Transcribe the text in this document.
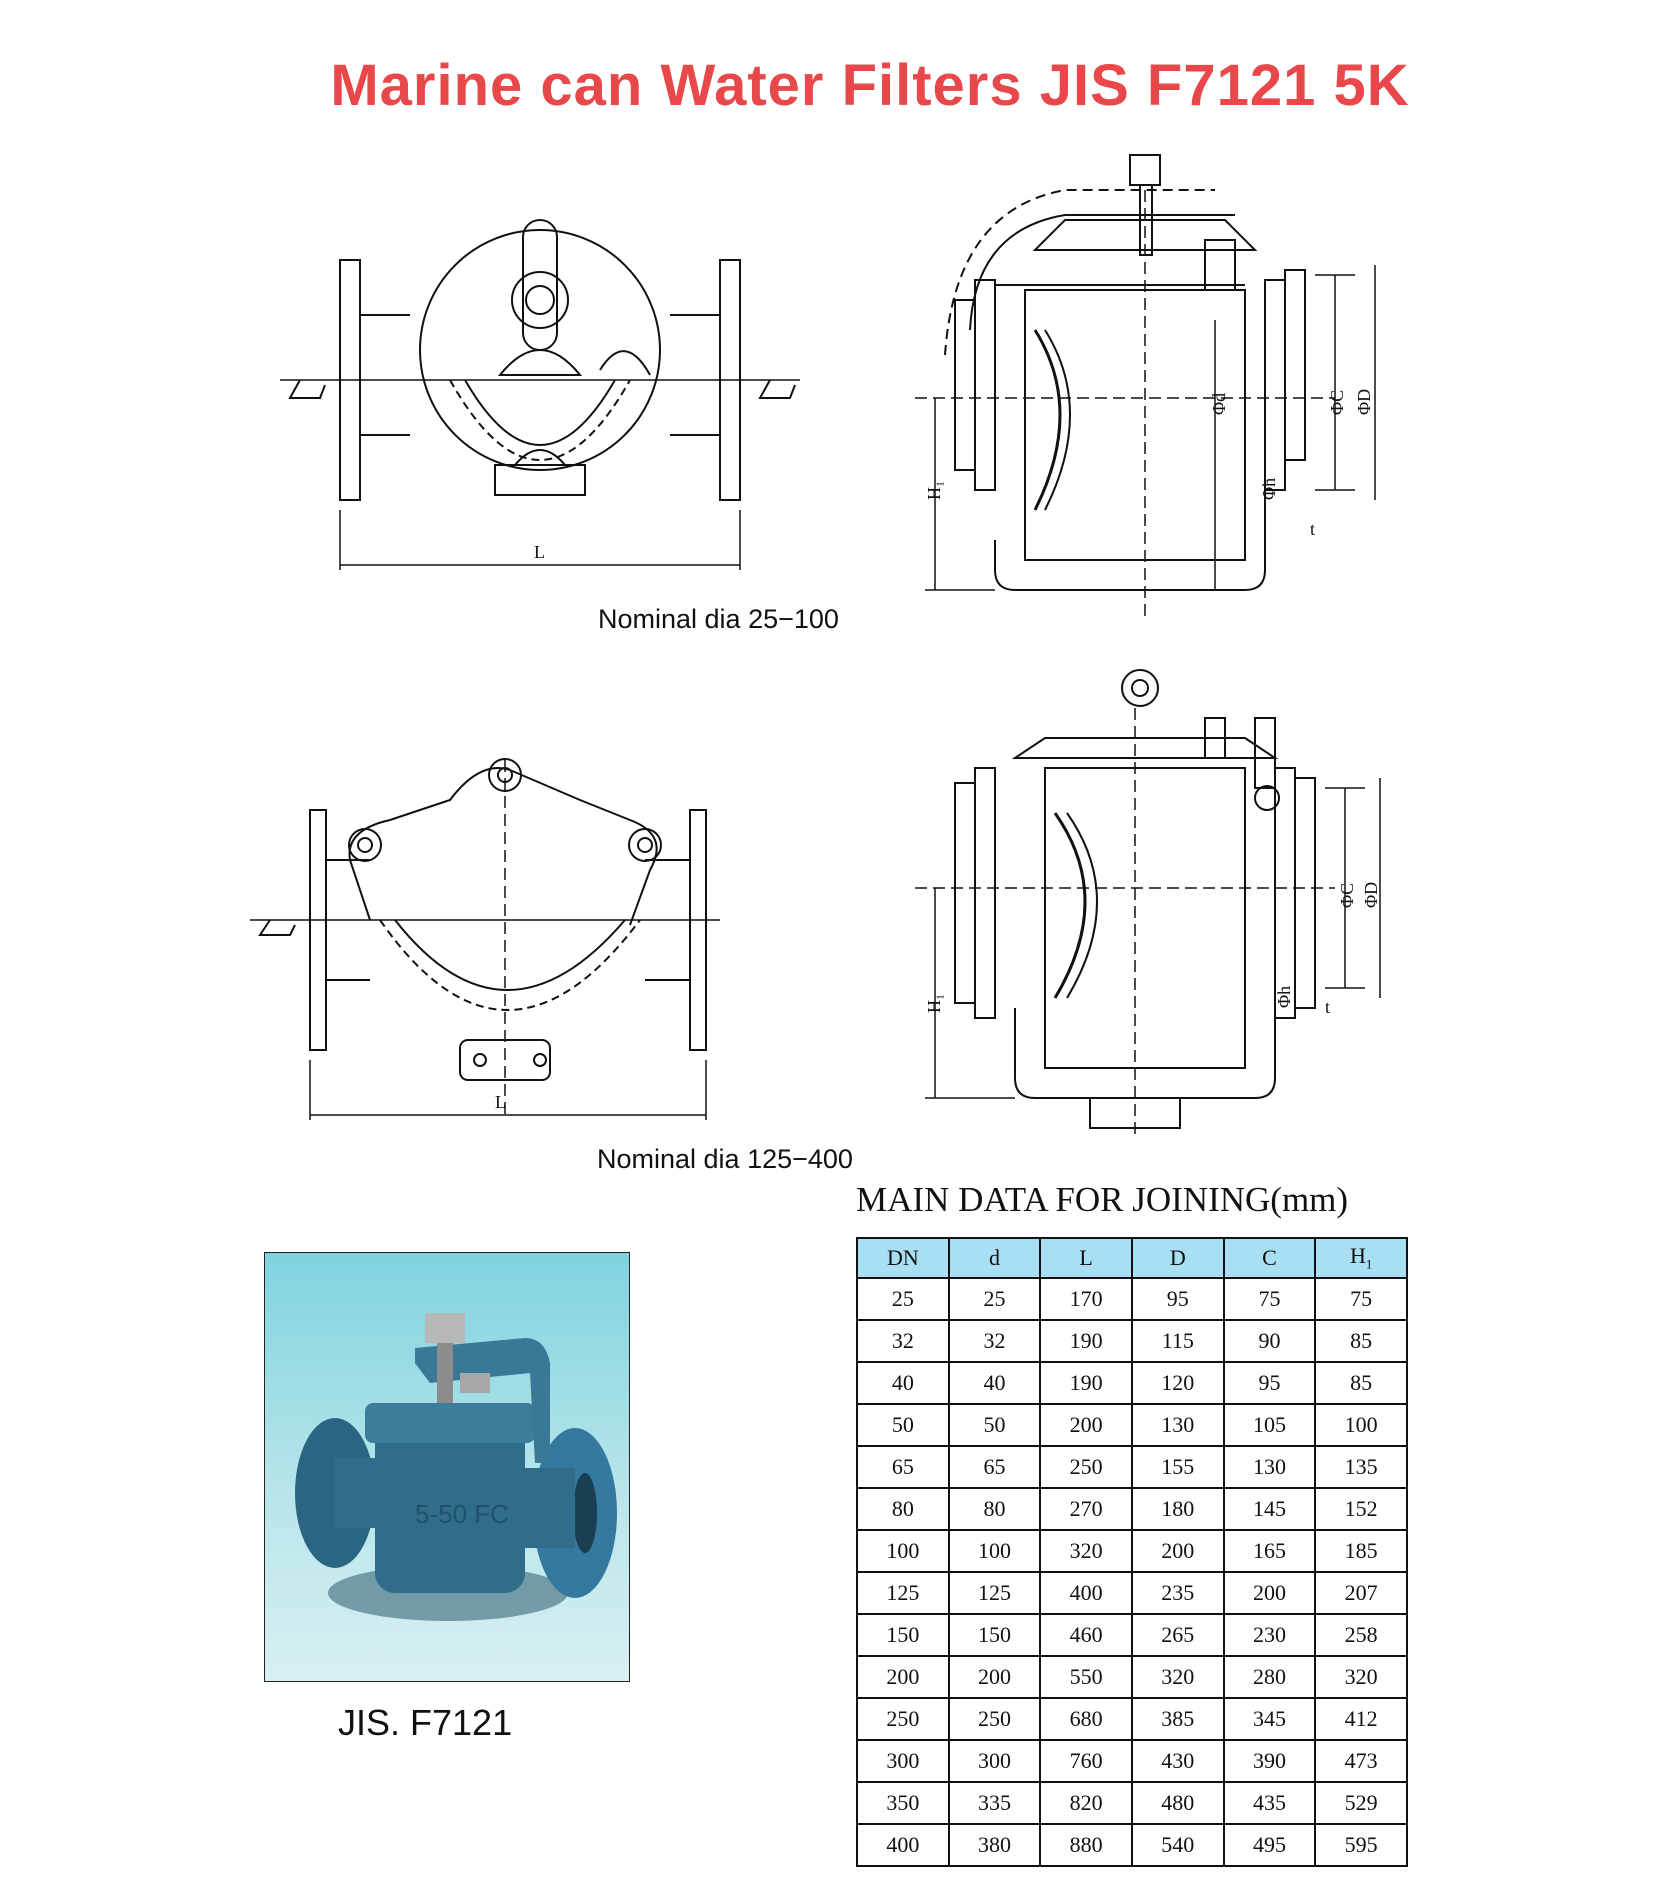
Marine can Water Filters JIS F7121 5K
L
Nominal dia 25−100
H₁
Φd	ΦC ΦD
Φh
t
L
Nominal dia 125−400
H₁
ΦC ΦD
Φh t
5-50 FC
JIS. F7121
MAIN DATA FOR JOINING(mm)
DN	d	L	D	C	$H_1$
25	25	170	95	75	75
32	32	190	115	90	85
40	40	190	120	95	85
50	50	200	130	105	100
65	65	250	155	130	135
80	80	270	180	145	152
100	100	320	200	165	185
125	125	400	235	200	207
150	150	460	265	230	258
200	200	550	320	280	320
250	250	680	385	345	412
300	300	760	430	390	473
350	335	820	480	435	529
400	380	880	540	495	595
